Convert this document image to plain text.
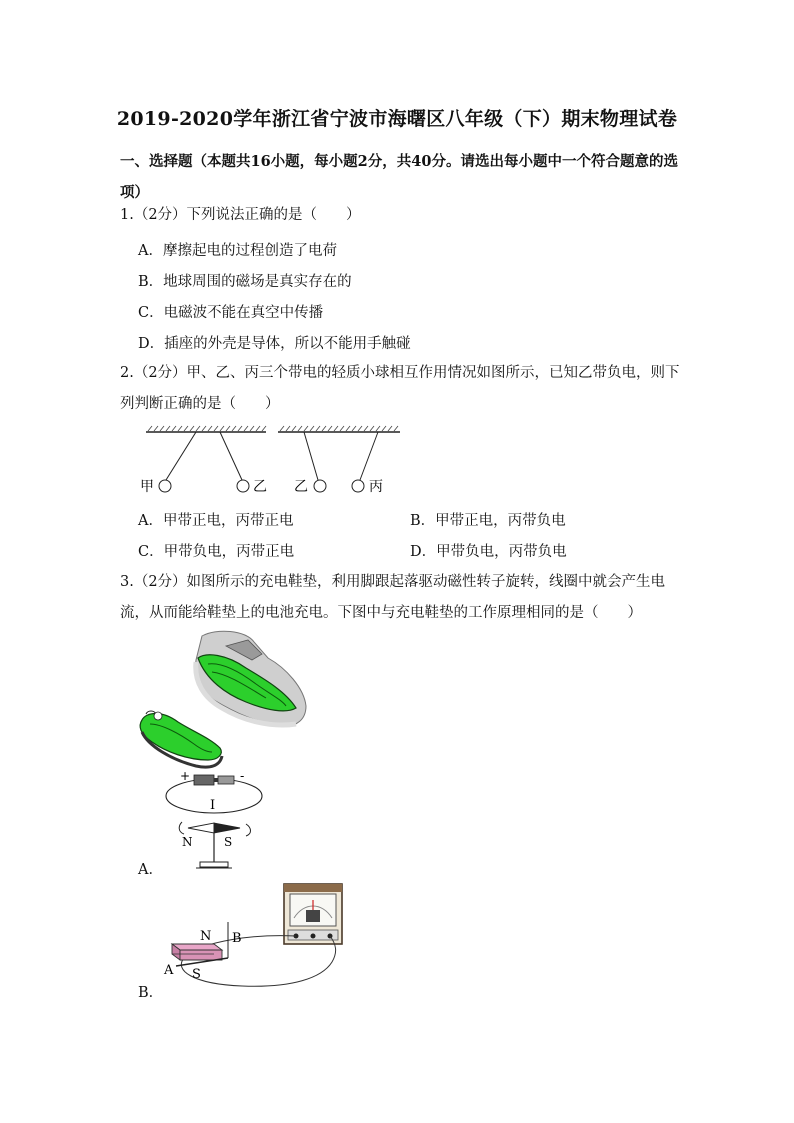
2019-2020学年浙江省宁波市海曙区八年级（下）期末物理试卷
一、选择题（本题共16小题，每小题2分，共40分。请选出每小题中一个符合题意的选项）
1.（2分）下列说法正确的是（　　）
A．摩擦起电的过程创造了电荷
B．地球周围的磁场是真实存在的
C．电磁波不能在真空中传播
D．插座的外壳是导体，所以不能用手触碰
2.（2分）甲、乙、丙三个带电的轻质小球相互作用情况如图所示，已知乙带负电，则下列判断正确的是（　　）
甲	乙 乙	丙
A．甲带正电，丙带正电	B．甲带正电，丙带负电
C．甲带负电，丙带正电	D．甲带负电，丙带负电
3.（2分）如图所示的充电鞋垫，利用脚跟起落驱动磁性转子旋转，线圈中就会产生电流，从而能给鞋垫上的电池充电。下图中与充电鞋垫的工作原理相同的是（　　）
+	-
I
N	S
A．
N
S
A
B
B．
